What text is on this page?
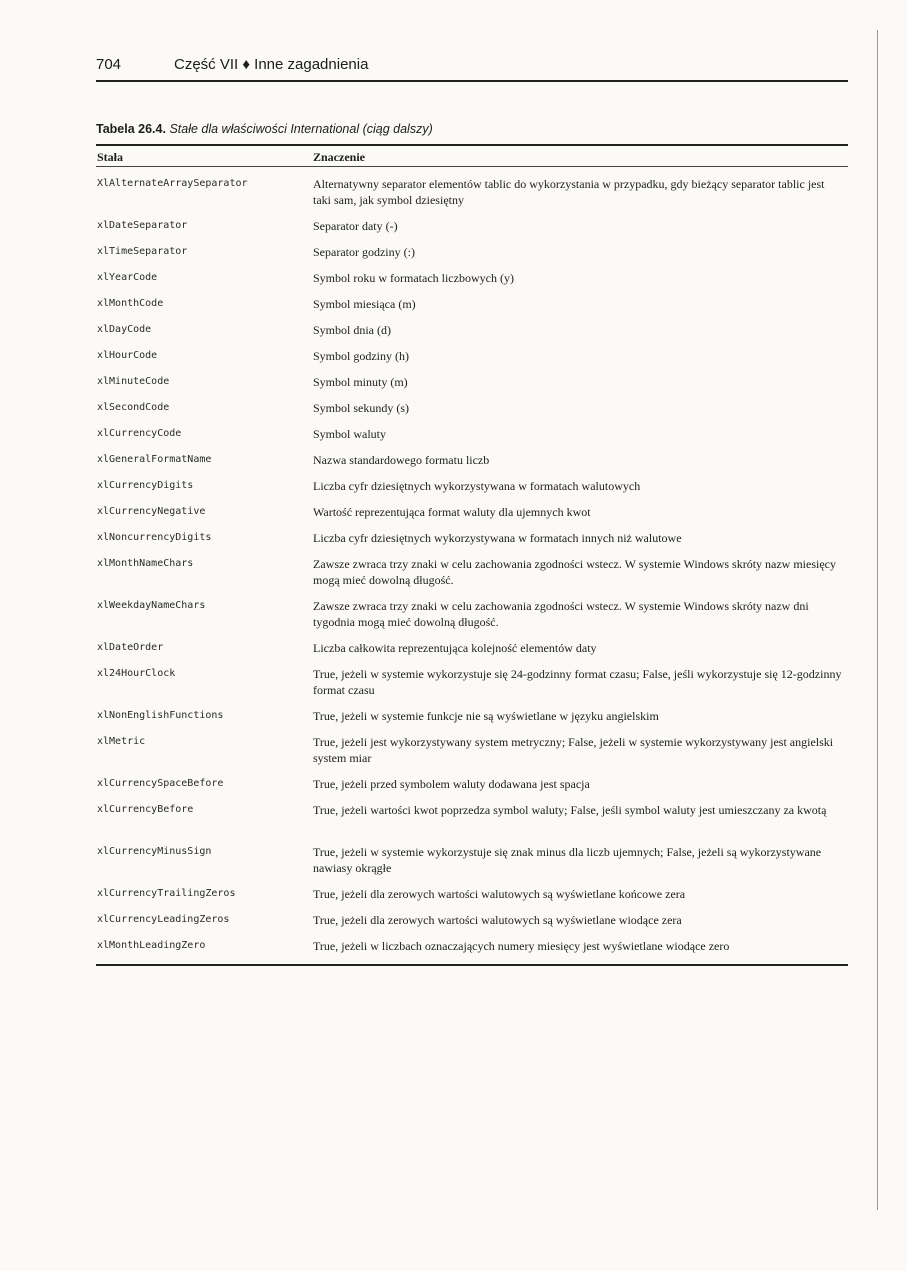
704	Część VII ♦ Inne zagadnienia
Tabela 26.4. Stałe dla właściwości International (ciąg dalszy)
Stała	Znaczenie
XlAlternateArraySeparator	Alternatywny separator elementów tablic do wykorzystania w przypadku, gdy bieżący separator tablic jest taki sam, jak symbol dziesiętny
xlDateSeparator	Separator daty (-)
xlTimeSeparator	Separator godziny (:)
xlYearCode	Symbol roku w formatach liczbowych (y)
xlMonthCode	Symbol miesiąca (m)
xlDayCode	Symbol dnia (d)
xlHourCode	Symbol godziny (h)
xlMinuteCode	Symbol minuty (m)
xlSecondCode	Symbol sekundy (s)
xlCurrencyCode	Symbol waluty
xlGeneralFormatName	Nazwa standardowego formatu liczb
xlCurrencyDigits	Liczba cyfr dziesiętnych wykorzystywana w formatach walutowych
xlCurrencyNegative	Wartość reprezentująca format waluty dla ujemnych kwot
xlNoncurrencyDigits	Liczba cyfr dziesiętnych wykorzystywana w formatach innych niż walutowe
xlMonthNameChars	Zawsze zwraca trzy znaki w celu zachowania zgodności wstecz. W systemie Windows skróty nazw miesięcy mogą mieć dowolną długość.
xlWeekdayNameChars	Zawsze zwraca trzy znaki w celu zachowania zgodności wstecz. W systemie Windows skróty nazw dni tygodnia mogą mieć dowolną długość.
xlDateOrder	Liczba całkowita reprezentująca kolejność elementów daty
xl24HourClock	True, jeżeli w systemie wykorzystuje się 24-godzinny format czasu; False, jeśli wykorzystuje się 12-godzinny format czasu
xlNonEnglishFunctions	True, jeżeli w systemie funkcje nie są wyświetlane w języku angielskim
xlMetric	True, jeżeli jest wykorzystywany system metryczny; False, jeżeli w systemie wykorzystywany jest angielski system miar
xlCurrencySpaceBefore	True, jeżeli przed symbolem waluty dodawana jest spacja
xlCurrencyBefore	True, jeżeli wartości kwot poprzedza symbol waluty; False, jeśli symbol waluty jest umieszczany za kwotą
xlCurrencyMinusSign	True, jeżeli w systemie wykorzystuje się znak minus dla liczb ujemnych; False, jeżeli są wykorzystywane nawiasy okrągłe
xlCurrencyTrailingZeros	True, jeżeli dla zerowych wartości walutowych są wyświetlane końcowe zera
xlCurrencyLeadingZeros	True, jeżeli dla zerowych wartości walutowych są wyświetlane wiodące zera
xlMonthLeadingZero	True, jeżeli w liczbach oznaczających numery miesięcy jest wyświetlane wiodące zero
